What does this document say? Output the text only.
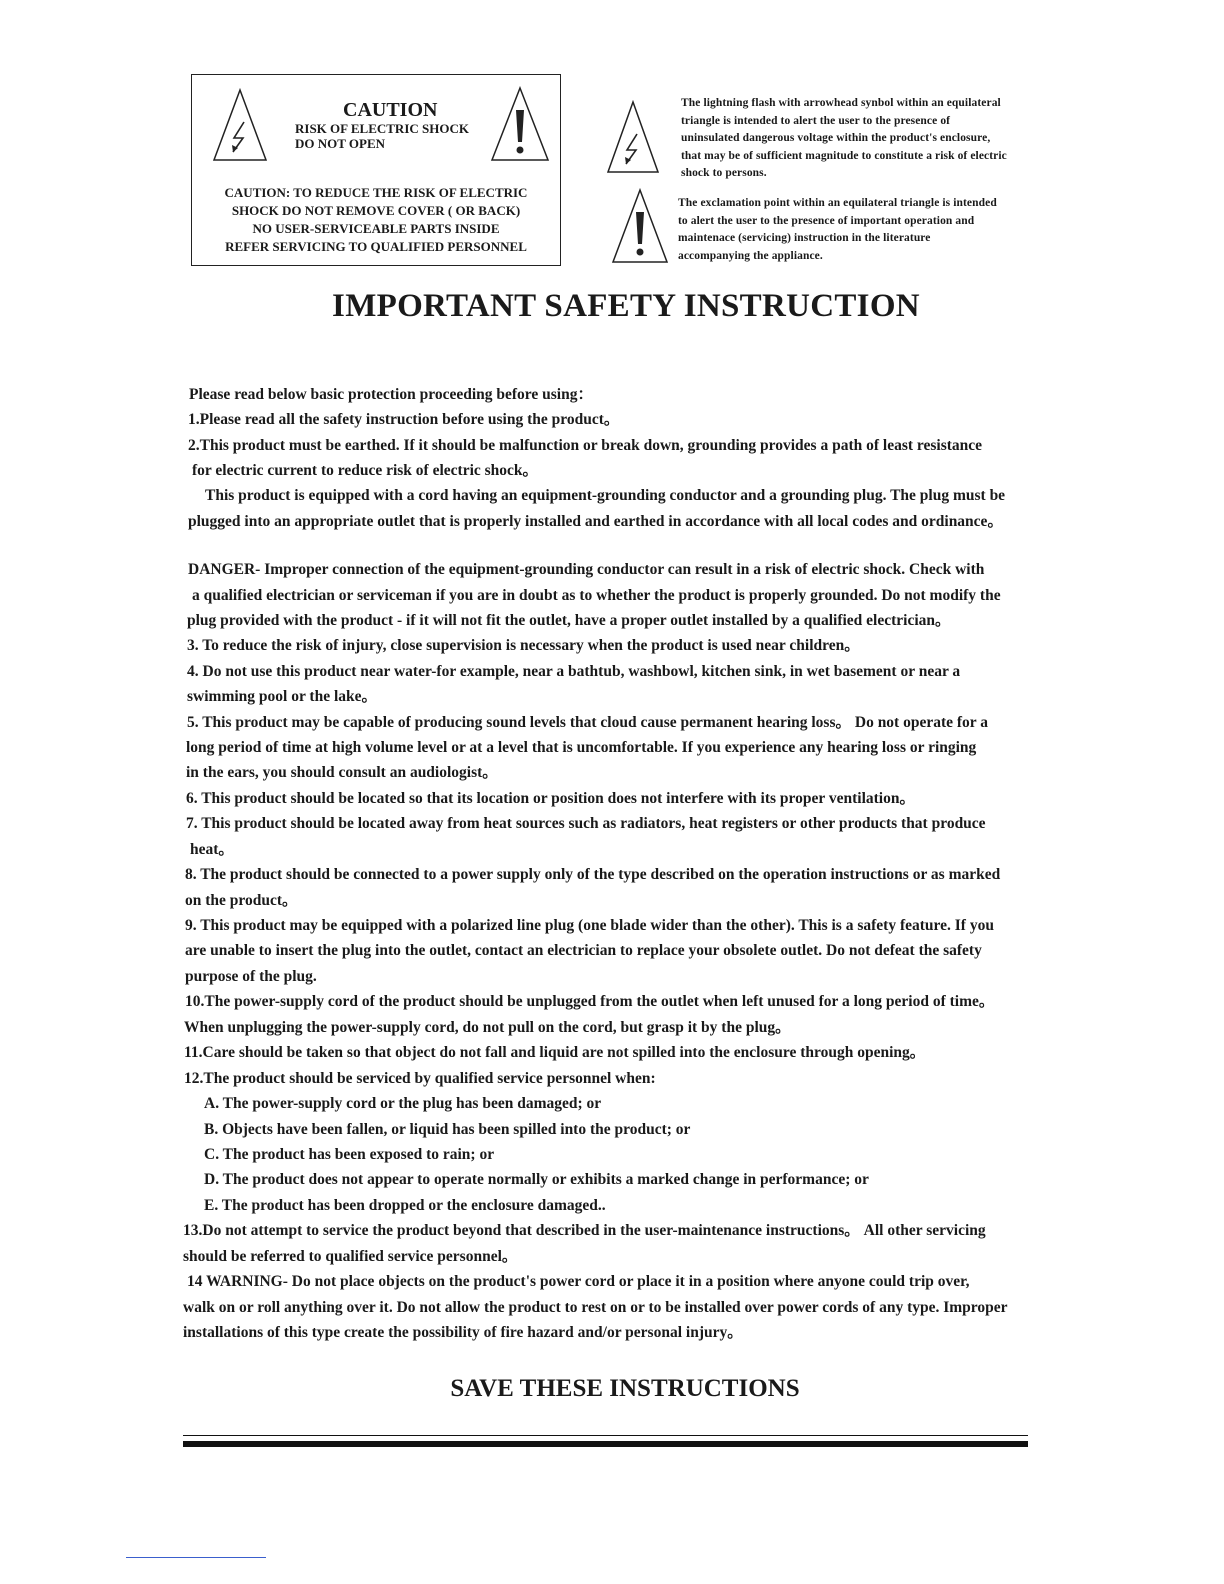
CAUTION
RISK OF ELECTRIC SHOCK
DO NOT OPEN
CAUTION: TO REDUCE THE RISK OF ELECTRIC
SHOCK DO NOT REMOVE COVER ( OR BACK)
NO USER-SERVICEABLE PARTS INSIDE
REFER SERVICING TO QUALIFIED PERSONNEL
The lightning flash with arrowhead synbol within an equilateral
triangle is intended to alert the user to the presence of
uninsulated dangerous voltage within the product's enclosure,
that may be of sufficient magnitude to constitute a risk of electric
shock to persons.
The exclamation point within an equilateral triangle is intended
to alert the user to the presence of important operation and
maintenace (servicing) instruction in the literature
accompanying the appliance.
IMPORTANT SAFETY INSTRUCTION
Please read below basic protection proceeding before using：
1.Please read all the safety instruction before using the product。
2.This product must be earthed. If it should be malfunction or break down, grounding provides a path of least resistance
for electric current to reduce risk of electric shock。
This product is equipped with a cord having an equipment-grounding conductor and a grounding plug. The plug must be
plugged into an appropriate outlet that is properly installed and earthed in accordance with all local codes and ordinance。
DANGER- Improper connection of the equipment-grounding conductor can result in a risk of electric shock. Check with
a qualified electrician or serviceman if you are in doubt as to whether the product is properly grounded. Do not modify the
plug provided with the product - if it will not fit the outlet, have a proper outlet installed by a qualified electrician。
3. To reduce the risk of injury, close supervision is necessary when the product is used near children。
4. Do not use this product near water-for example, near a bathtub, washbowl, kitchen sink, in wet basement or near a
swimming pool or the lake。
5. This product may be capable of producing sound levels that cloud cause permanent hearing loss。 Do not operate for a
long period of time at high volume level or at a level that is uncomfortable. If you experience any hearing loss or ringing
in the ears, you should consult an audiologist。
6. This product should be located so that its location or position does not interfere with its proper ventilation。
7. This product should be located away from heat sources such as radiators, heat registers or other products that produce
heat。
8. The product should be connected to a power supply only of the type described on the operation instructions or as marked
on the product。
9. This product may be equipped with a polarized line plug (one blade wider than the other). This is a safety feature. If you
are unable to insert the plug into the outlet, contact an electrician to replace your obsolete outlet. Do not defeat the safety
purpose of the plug.
10.The power-supply cord of the product should be unplugged from the outlet when left unused for a long period of time。
When unplugging the power-supply cord, do not pull on the cord, but grasp it by the plug。
11.Care should be taken so that object do not fall and liquid are not spilled into the enclosure through opening。
12.The product should be serviced by qualified service personnel when:
A. The power-supply cord or the plug has been damaged; or
B. Objects have been fallen, or liquid has been spilled into the product; or
C. The product has been exposed to rain; or
D. The product does not appear to operate normally or exhibits a marked change in performance; or
E. The product has been dropped or the enclosure damaged..
13.Do not attempt to service the product beyond that described in the user-maintenance instructions。 All other servicing
should be referred to qualified service personnel。
14 WARNING- Do not place objects on the product's power cord or place it in a position where anyone could trip over,
walk on or roll anything over it. Do not allow the product to rest on or to be installed over power cords of any type. Improper
installations of this type create the possibility of fire hazard and/or personal injury。
SAVE THESE INSTRUCTIONS
